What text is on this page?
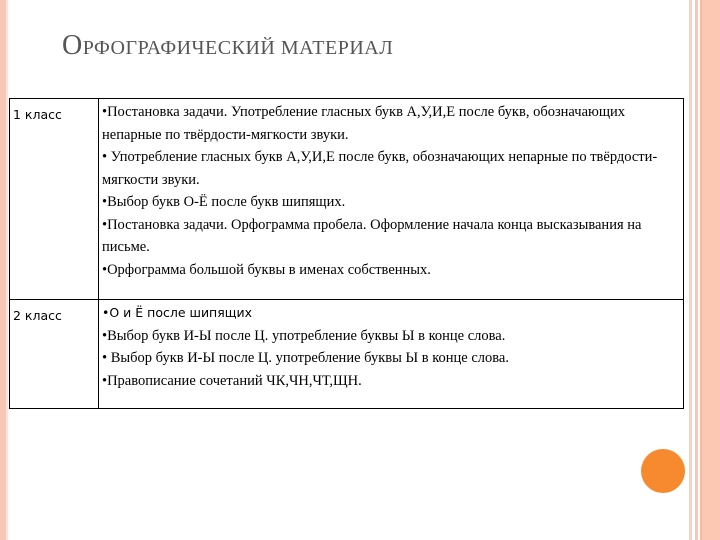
ОРФОГРАФИЧЕСКИЙ МАТЕРИАЛ
1 класс	•Постановка задачи. Употребление гласных букв А,У,И,Е после букв, обозначающих непарные по твёрдости-мягкости звуки.
• Употребление гласных букв А,У,И,Е после букв, обозначающих непарные по твёрдости-мягкости звуки.
•Выбор букв О-Ё после букв шипящих.
•Постановка задачи. Орфограмма пробела. Оформление начала конца высказывания на письме.
•Орфограмма большой буквы в именах собственных.

2 класс	•О и Ё после шипящих
•Выбор букв И-Ы после Ц. употребление буквы Ы в конце слова.
• Выбор букв И-Ы после Ц. употребление буквы Ы в конце слова.
•Правописание сочетаний ЧК,ЧН,ЧТ,ЩН.
